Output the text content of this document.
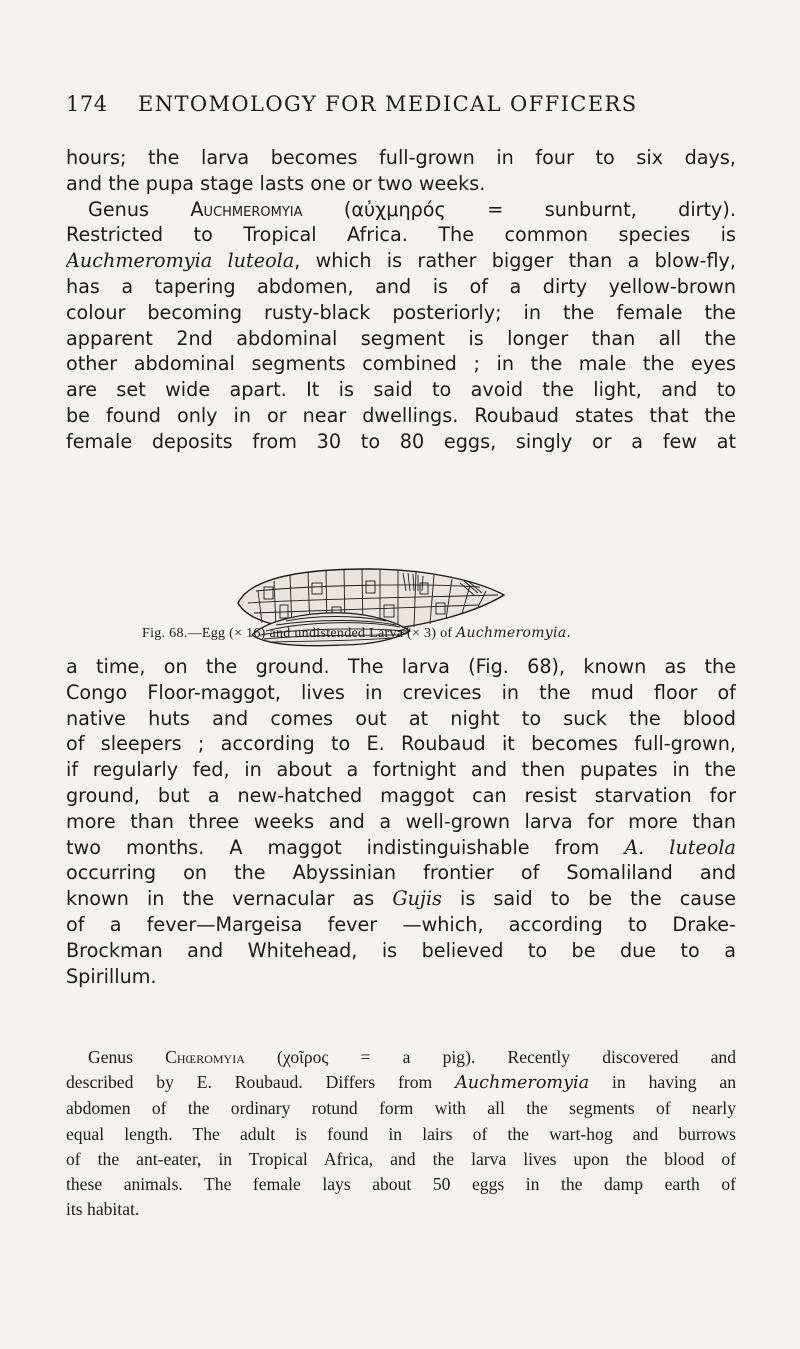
174 ENTOMOLOGY FOR MEDICAL OFFICERS
hours; the larva becomes full-grown in four to six days,
and the pupa stage lasts one or two weeks.
Genus Auchmeromyia (αὐχμηρός = sunburnt, dirty).
Restricted to Tropical Africa. The common species is
Auchmeromyia luteola, which is rather bigger than a blow-fly,
has a tapering abdomen, and is of a dirty yellow-brown
colour becoming rusty-black posteriorly; in the female the
apparent 2nd abdominal segment is longer than all the
other abdominal segments combined ; in the male the eyes
are set wide apart. It is said to avoid the light, and to
be found only in or near dwellings. Roubaud states that the
female deposits from 30 to 80 eggs, singly or a few at
Fig. 68.—Egg (× 16) and undistended Larva (× 3) of Auchmeromyia.
a time, on the ground. The larva (Fig. 68), known as the
Congo Floor-maggot, lives in crevices in the mud floor of
native huts and comes out at night to suck the blood
of sleepers ; according to E. Roubaud it becomes full-grown,
if regularly fed, in about a fortnight and then pupates in the
ground, but a new-hatched maggot can resist starvation for
more than three weeks and a well-grown larva for more than
two months. A maggot indistinguishable from A. luteola
occurring on the Abyssinian frontier of Somaliland and
known in the vernacular as Gujis is said to be the cause
of a fever—Margeisa fever —which, according to Drake-
Brockman and Whitehead, is believed to be due to a
Spirillum.
Genus Chœromyia (χοῖρος = a pig). Recently discovered and
described by E. Roubaud. Differs from Auchmeromyia in having an
abdomen of the ordinary rotund form with all the segments of nearly
equal length. The adult is found in lairs of the wart-hog and burrows
of the ant-eater, in Tropical Africa, and the larva lives upon the blood of
these animals. The female lays about 50 eggs in the damp earth of
its habitat.
